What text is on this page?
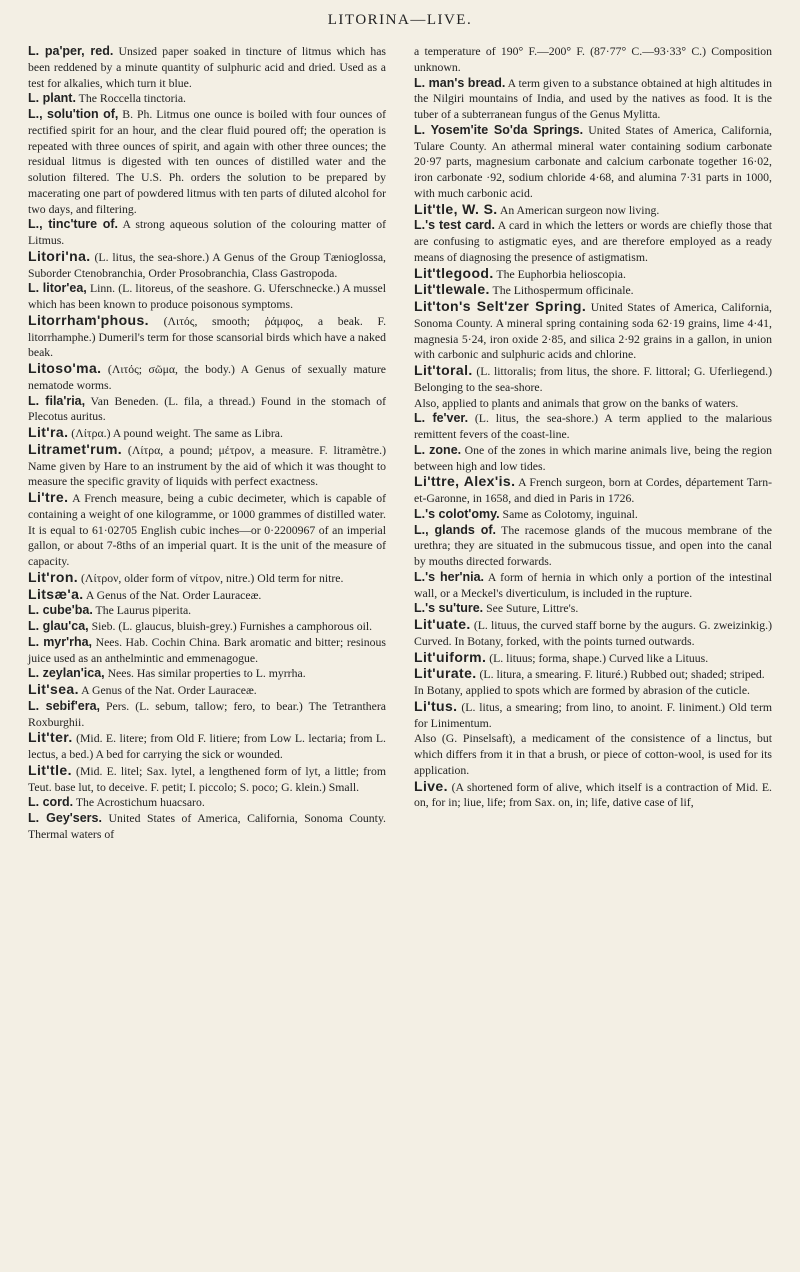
LITORINA—LIVE.

L. pa'per, red. Unsized paper soaked in tincture of litmus which has been reddened by a minute quantity of sulphuric acid and dried. Used as a test for alkalies, which turn it blue.

L. plant. The Roccella tinctoria.

L., solu'tion of, B. Ph. Litmus one ounce is boiled with four ounces of rectified spirit for an hour, and the clear fluid poured off; the operation is repeated with three ounces of spirit, and again with other three ounces; the residual litmus is digested with ten ounces of distilled water and the solution filtered. The U.S. Ph. orders the solution to be prepared by macerating one part of powdered litmus with ten parts of diluted alcohol for two days, and filtering.

L., tinc'ture of. A strong aqueous solution of the colouring matter of Litmus.

Litori'na. (L. litus, the sea-shore.) A Genus of the Group Tænioglossa, Suborder Ctenobranchia, Order Prosobranchia, Class Gastropoda.

L. litor'ea, Linn. (L. litoreus, of the seashore. G. Uferschnecke.) A mussel which has been known to produce poisonous symptoms.

Litorrham'phous. (Λιτός, smooth; ῥάμφος, a beak. F. litorrhamphe.) Dumeril's term for those scansorial birds which have a naked beak.

Litoso'ma. (Λιτός; σῶμα, the body.) A Genus of sexually mature nematode worms.

L. fila'ria, Van Beneden. (L. fila, a thread.) Found in the stomach of Plecotus auritus.

Lit'ra. (Λίτρα.) A pound weight. The same as Libra.

Litramet'rum. (Λίτρα, a pound; μέτρον, a measure. F. litramètre.) Name given by Hare to an instrument by the aid of which it was thought to measure the specific gravity of liquids with perfect exactness.

Li'tre. A French measure, being a cubic decimeter, which is capable of containing a weight of one kilogramme, or 1000 grammes of distilled water. It is equal to 61·02705 English cubic inches—or 0·2200967 of an imperial gallon, or about 7-8ths of an imperial quart. It is the unit of the measure of capacity.

Lit'ron. (Λίτρον, older form of νίτρον, nitre.) Old term for nitre.

Litsæ'a. A Genus of the Nat. Order Lauraceæ.

L. cube'ba. The Laurus piperita.

L. glau'ca, Sieb. (L. glaucus, bluish-grey.) Furnishes a camphorous oil.

L. myr'rha, Nees. Hab. Cochin China. Bark aromatic and bitter; resinous juice used as an anthelmintic and emmenagogue.

L. zeylan'ica, Nees. Has similar properties to L. myrrha.

Lit'sea. A Genus of the Nat. Order Lauraceæ.

L. sebif'era, Pers. (L. sebum, tallow; fero, to bear.) The Tetranthera Roxburghii.

Lit'ter. (Mid. E. litere; from Old F. litiere; from Low L. lectaria; from L. lectus, a bed.) A bed for carrying the sick or wounded.

Lit'tle. (Mid. E. litel; Sax. lytel, a lengthened form of lyt, a little; from Teut. base lut, to deceive. F. petit; I. piccolo; S. poco; G. klein.) Small.

L. cord. The Acrostichum huacsaro.

L. Gey'sers. United States of America, California, Sonoma County. Thermal waters of

a temperature of 190° F.—200° F. (87·77° C.—93·33° C.) Composition unknown.

L. man's bread. A term given to a substance obtained at high altitudes in the Nilgiri mountains of India, and used by the natives as food. It is the tuber of a subterranean fungus of the Genus Mylitta.

L. Yosem'ite So'da Springs. United States of America, California, Tulare County. An athermal mineral water containing sodium carbonate 20·97 parts, magnesium carbonate and calcium carbonate together 16·02, iron carbonate ·92, sodium chloride 4·68, and alumina 7·31 parts in 1000, with much carbonic acid.

Lit'tle, W. S. An American surgeon now living.

L.'s test card. A card in which the letters or words are chiefly those that are confusing to astigmatic eyes, and are therefore employed as a ready means of diagnosing the presence of astigmatism.

Lit'tlegood. The Euphorbia helioscopia.

Lit'tlewale. The Lithospermum officinale.

Lit'ton's Selt'zer Spring. United States of America, California, Sonoma County. A mineral spring containing soda 62·19 grains, lime 4·41, magnesia 5·24, iron oxide 2·85, and silica 2·92 grains in a gallon, in union with carbonic and sulphuric acids and chlorine.

Lit'toral. (L. littoralis; from litus, the shore. F. littoral; G. Uferliegend.) Belonging to the sea-shore.

Also, applied to plants and animals that grow on the banks of waters.

L. fe'ver. (L. litus, the sea-shore.) A term applied to the malarious remittent fevers of the coast-line.

L. zone. One of the zones in which marine animals live, being the region between high and low tides.

Li'ttre, Alex'is. A French surgeon, born at Cordes, département Tarn-et-Garonne, in 1658, and died in Paris in 1726.

L.'s colot'omy. Same as Colotomy, inguinal.

L., glands of. The racemose glands of the mucous membrane of the urethra; they are situated in the submucous tissue, and open into the canal by mouths directed forwards.

L.'s her'nia. A form of hernia in which only a portion of the intestinal wall, or a Meckel's diverticulum, is included in the rupture.

L.'s su'ture. See Suture, Littre's.

Lit'uate. (L. lituus, the curved staff borne by the augurs. G. zweizinkig.) Curved. In Botany, forked, with the points turned outwards.

Lit'uiform. (L. lituus; forma, shape.) Curved like a Lituus.

Lit'urate. (L. litura, a smearing. F. lituré.) Rubbed out; shaded; striped.

In Botany, applied to spots which are formed by abrasion of the cuticle.

Li'tus. (L. litus, a smearing; from lino, to anoint. F. liniment.) Old term for Linimentum.

Also (G. Pinselsaft), a medicament of the consistence of a linctus, but which differs from it in that a brush, or piece of cotton-wool, is used for its application.

Live. (A shortened form of alive, which itself is a contraction of Mid. E. on, for in; liue, life; from Sax. on, in; life, dative case of lif,
